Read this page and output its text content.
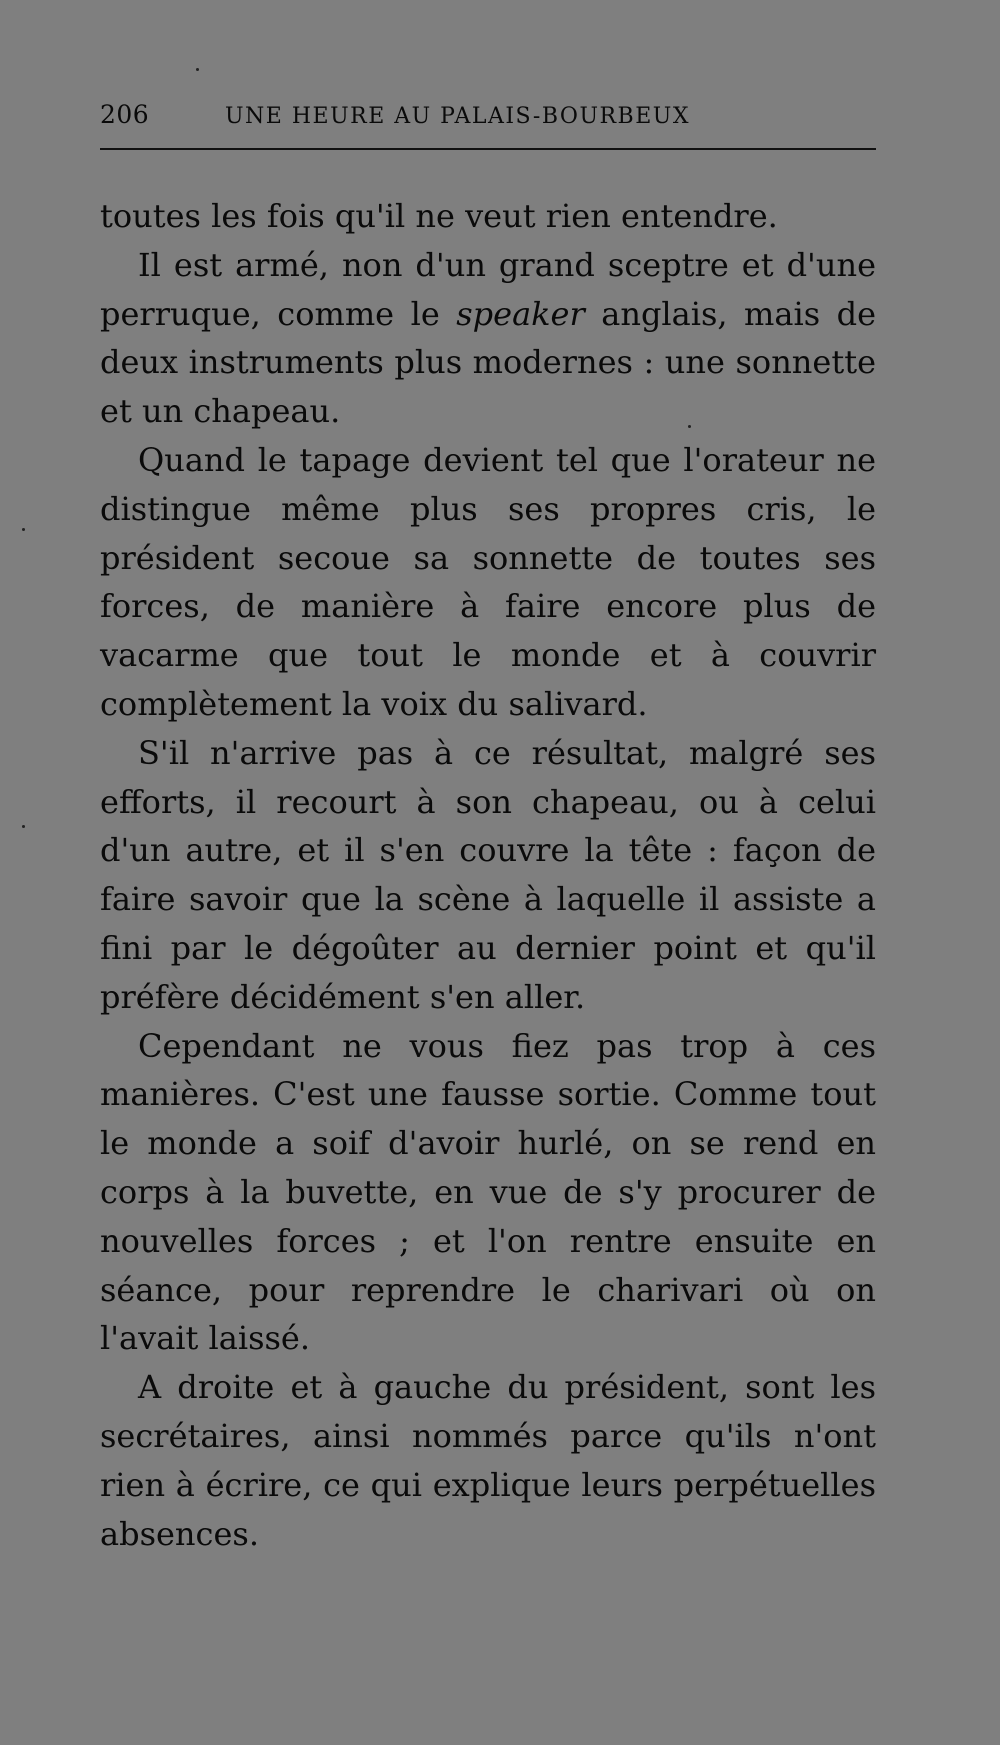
206	UNE HEURE AU PALAIS-BOURBEUX

toutes les fois qu'il ne veut rien entendre.

Il est armé, non d'un grand sceptre et d'une perruque, comme le speaker anglais, mais de deux instruments plus modernes : une sonnette et un chapeau.

Quand le tapage devient tel que l'orateur ne distingue même plus ses propres cris, le président secoue sa sonnette de toutes ses forces, de manière à faire encore plus de vacarme que tout le monde et à couvrir complètement la voix du salivard.

S'il n'arrive pas à ce résultat, malgré ses efforts, il recourt à son chapeau, ou à celui d'un autre, et il s'en couvre la tête : façon de faire savoir que la scène à laquelle il assiste a fini par le dégoûter au dernier point et qu'il préfère décidément s'en aller.

Cependant ne vous fiez pas trop à ces manières. C'est une fausse sortie. Comme tout le monde a soif d'avoir hurlé, on se rend en corps à la buvette, en vue de s'y procurer de nouvelles forces ; et l'on rentre ensuite en séance, pour reprendre le charivari où on l'avait laissé.

A droite et à gauche du président, sont les secrétaires, ainsi nommés parce qu'ils n'ont rien à écrire, ce qui explique leurs perpétuelles absences.
